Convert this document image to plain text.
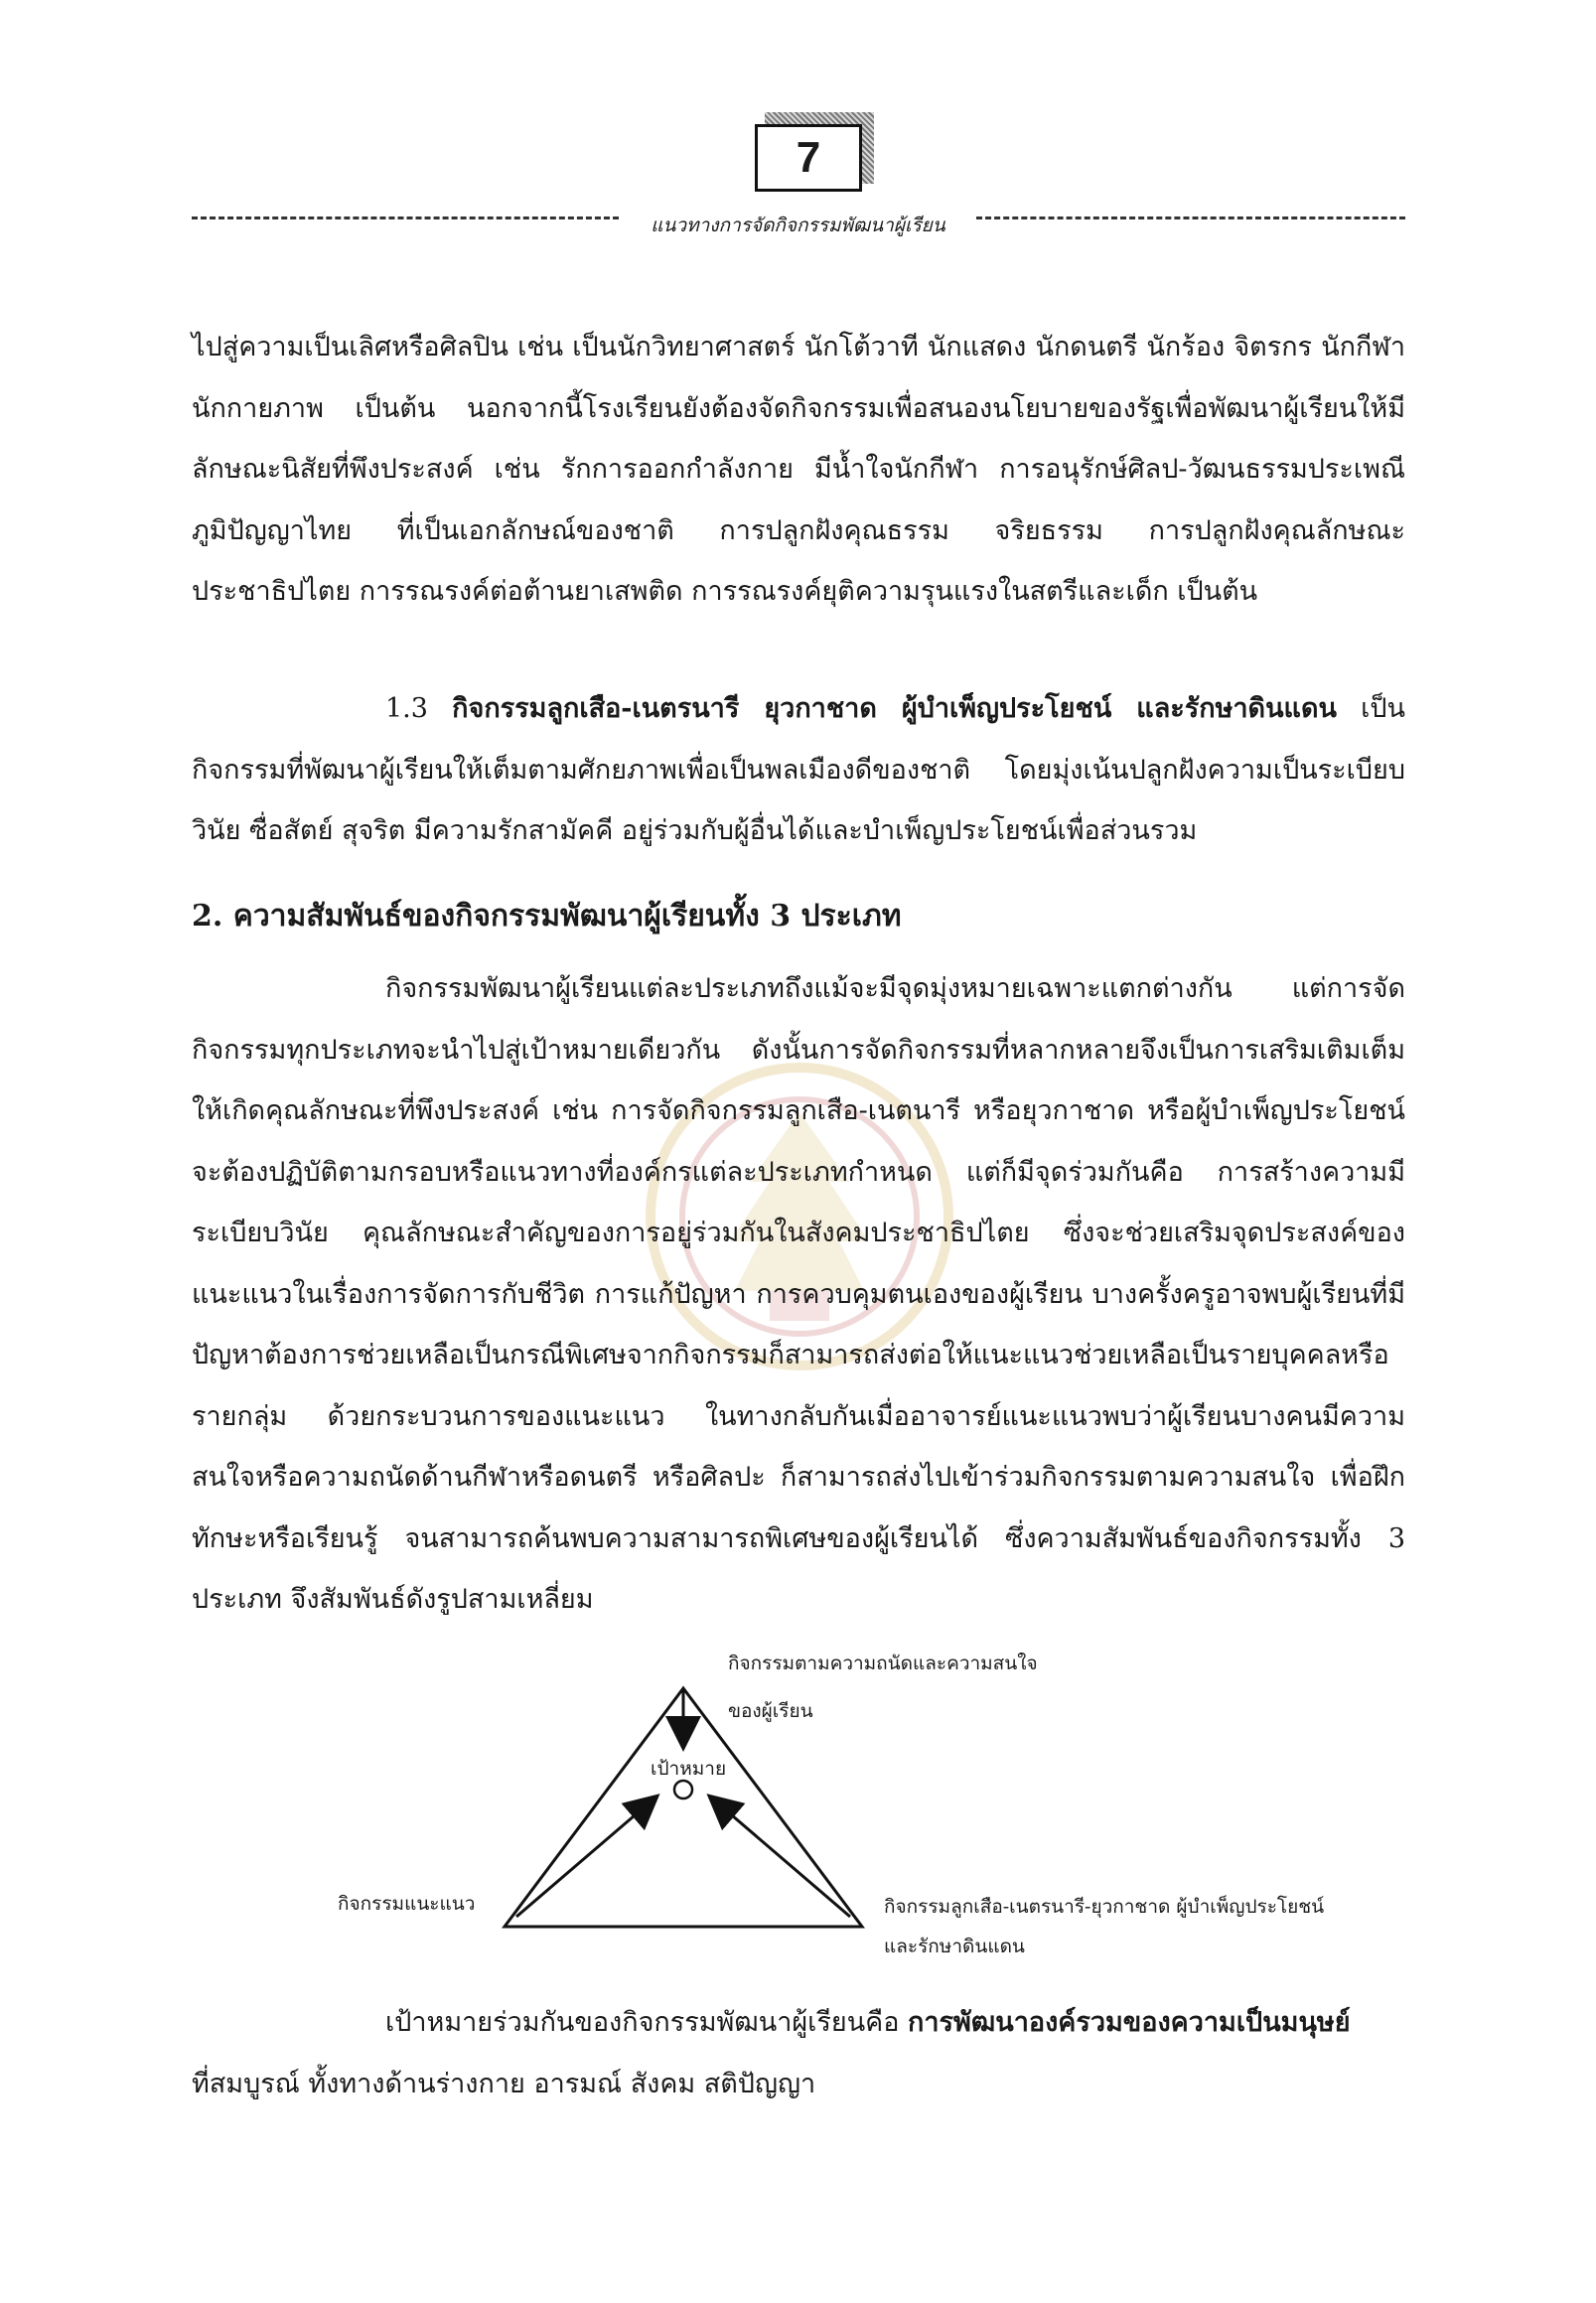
7
แนวทางการจัดกิจกรรมพัฒนาผู้เรียน

ไปสู่ความเป็นเลิศหรือศิลปิน เช่น เป็นนักวิทยาศาสตร์ นักโต้วาที นักแสดง นักดนตรี นักร้อง จิตรกร นักกีฬา นักกายภาพ เป็นต้น นอกจากนี้โรงเรียนยังต้องจัดกิจกรรมเพื่อสนองนโยบายของรัฐเพื่อพัฒนาผู้เรียนให้มีลักษณะนิสัยที่พึงประสงค์ เช่น รักการออกกำลังกาย มีน้ำใจนักกีฬา การอนุรักษ์ศิลป-วัฒนธรรมประเพณี ภูมิปัญญาไทย ที่เป็นเอกลักษณ์ของชาติ การปลูกฝังคุณธรรม จริยธรรม การปลูกฝังคุณลักษณะประชาธิปไตย การรณรงค์ต่อต้านยาเสพติด การรณรงค์ยุติความรุนแรงในสตรีและเด็ก เป็นต้น

1.3 กิจกรรมลูกเสือ-เนตรนารี ยุวกาชาด ผู้บำเพ็ญประโยชน์ และรักษาดินแดน เป็นกิจกรรมที่พัฒนาผู้เรียนให้เต็มตามศักยภาพเพื่อเป็นพลเมืองดีของชาติ โดยมุ่งเน้นปลูกฝังความเป็นระเบียบวินัย ซื่อสัตย์ สุจริต มีความรักสามัคคี อยู่ร่วมกับผู้อื่นได้และบำเพ็ญประโยชน์เพื่อส่วนรวม

2. ความสัมพันธ์ของกิจกรรมพัฒนาผู้เรียนทั้ง 3 ประเภท

กิจกรรมพัฒนาผู้เรียนแต่ละประเภทถึงแม้จะมีจุดมุ่งหมายเฉพาะแตกต่างกัน แต่การจัดกิจกรรมทุกประเภทจะนำไปสู่เป้าหมายเดียวกัน ดังนั้นการจัดกิจกรรมที่หลากหลายจึงเป็นการเสริมเติมเต็มให้เกิดคุณลักษณะที่พึงประสงค์ เช่น การจัดกิจกรรมลูกเสือ-เนตนารี หรือยุวกาชาด หรือผู้บำเพ็ญประโยชน์จะต้องปฏิบัติตามกรอบหรือแนวทางที่องค์กรแต่ละประเภทกำหนด แต่ก็มีจุดร่วมกันคือ การสร้างความมีระเบียบวินัย คุณลักษณะสำคัญของการอยู่ร่วมกันในสังคมประชาธิปไตย ซึ่งจะช่วยเสริมจุดประสงค์ของแนะแนวในเรื่องการจัดการกับชีวิต การแก้ปัญหา การควบคุมตนเองของผู้เรียน บางครั้งครูอาจพบผู้เรียนที่มีปัญหาต้องการช่วยเหลือเป็นกรณีพิเศษจากกิจกรรมก็สามารถส่งต่อให้แนะแนวช่วยเหลือเป็นรายบุคคลหรือรายกลุ่ม ด้วยกระบวนการของแนะแนว ในทางกลับกันเมื่ออาจารย์แนะแนวพบว่าผู้เรียนบางคนมีความสนใจหรือความถนัดด้านกีฬาหรือดนตรี หรือศิลปะ ก็สามารถส่งไปเข้าร่วมกิจกรรมตามความสนใจ เพื่อฝึกทักษะหรือเรียนรู้ จนสามารถค้นพบความสามารถพิเศษของผู้เรียนได้ ซึ่งความสัมพันธ์ของกิจกรรมทั้ง 3 ประเภท จึงสัมพันธ์ดังรูปสามเหลี่ยม

กิจกรรมตามความถนัดและความสนใจ
ของผู้เรียน
เป้าหมาย
กิจกรรมแนะแนว	กิจกรรมลูกเสือ-เนตรนารี-ยุวกาชาด ผู้บำเพ็ญประโยชน์
และรักษาดินแดน

เป้าหมายร่วมกันของกิจกรรมพัฒนาผู้เรียนคือ การพัฒนาองค์รวมของความเป็นมนุษย์
ที่สมบูรณ์ ทั้งทางด้านร่างกาย อารมณ์ สังคม สติปัญญา
